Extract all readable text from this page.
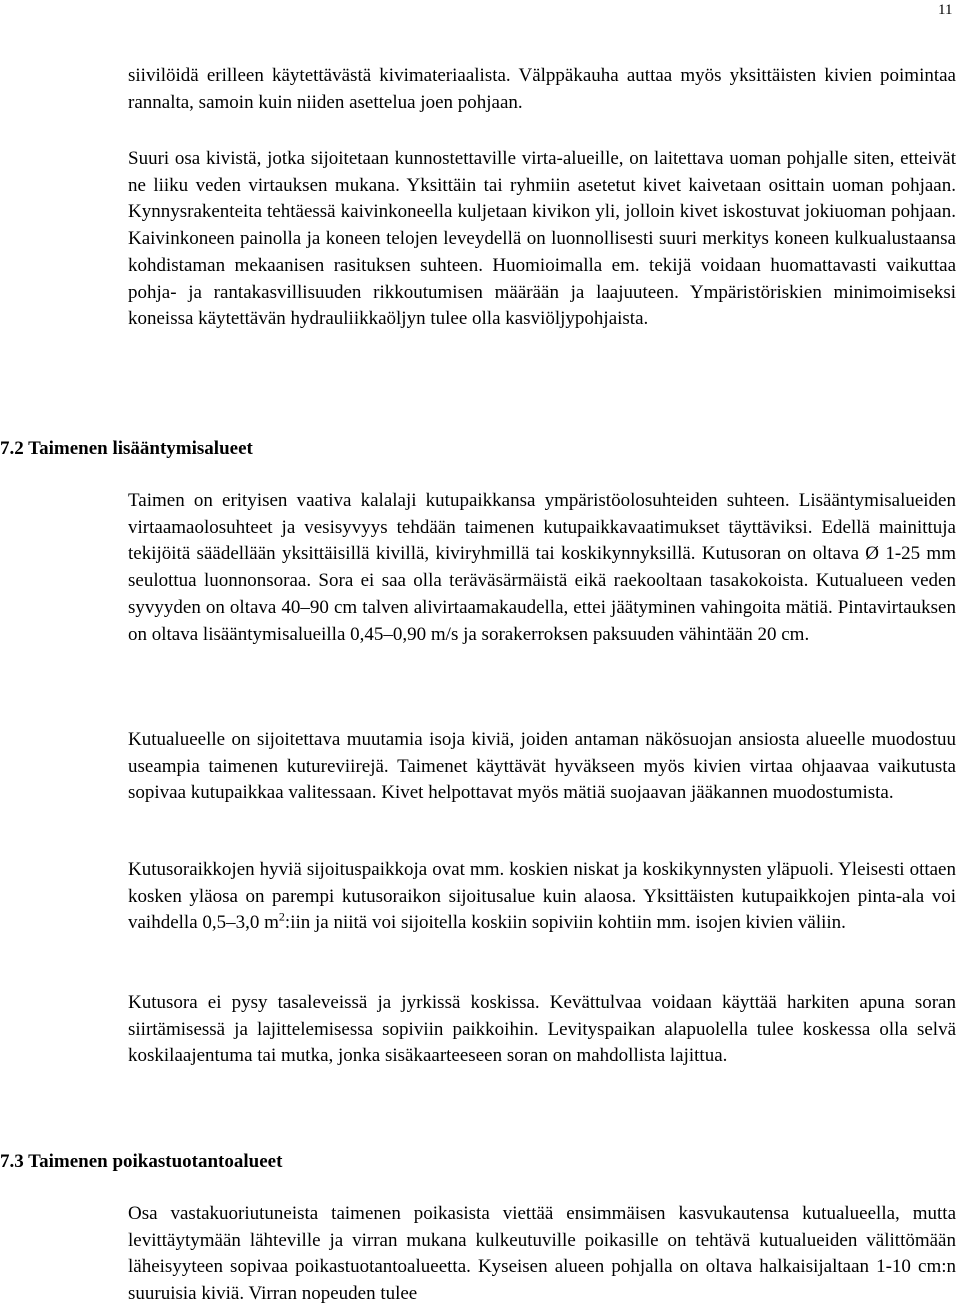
11

siivilöidä erilleen käytettävästä kivimateriaalista. Välppäkauha auttaa myös yksittäisten kivien poimintaa rannalta, samoin kuin niiden asettelua joen pohjaan.

Suuri osa kivistä, jotka sijoitetaan kunnostettaville virta-alueille, on laitettava uoman pohjalle siten, etteivät ne liiku veden virtauksen mukana. Yksittäin tai ryhmiin asetetut kivet kaivetaan osittain uoman pohjaan. Kynnysrakenteita tehtäessä kaivinkoneella kuljetaan kivikon yli, jolloin kivet iskostuvat jokiuoman pohjaan. Kaivinkoneen painolla ja koneen telojen leveydellä on luonnollisesti suuri merkitys koneen kulkualustaansa kohdistaman mekaanisen rasituksen suhteen. Huomioimalla em. tekijä voidaan huomattavasti vaikuttaa pohja- ja rantakasvillisuuden rikkoutumisen määrään ja laajuuteen. Ympäristöriskien minimoimiseksi koneissa käytettävän hydrauliikkaöljyn tulee olla kasviöljypohjaista.

7.2 Taimenen lisääntymisalueet

Taimen on erityisen vaativa kalalaji kutupaikkansa ympäristöolosuhteiden suhteen. Lisääntymisalueiden virtaamaolosuhteet ja vesisyvyys tehdään taimenen kutupaikkavaatimukset täyttäviksi. Edellä mainittuja tekijöitä säädellään yksittäisillä kivillä, kiviryhmillä tai koskikynnyksillä. Kutusoran on oltava Ø 1-25 mm seulottua luonnonsoraa. Sora ei saa olla teräväsärmäistä eikä raekooltaan tasakokoista. Kutualueen veden syvyyden on oltava 40–90 cm talven alivirtaamakaudella, ettei jäätyminen vahingoita mätiä. Pintavirtauksen on oltava lisääntymisalueilla 0,45–0,90 m/s ja sorakerroksen paksuuden vähintään 20 cm.

Kutualueelle on sijoitettava muutamia isoja kiviä, joiden antaman näkösuojan ansiosta alueelle muodostuu useampia taimenen kutureviirejä. Taimenet käyttävät hyväkseen myös kivien virtaa ohjaavaa vaikutusta sopivaa kutupaikkaa valitessaan. Kivet helpottavat myös mätiä suojaavan jääkannen muodostumista.

Kutusoraikkojen hyviä sijoituspaikkoja ovat mm. koskien niskat ja koskikynnysten yläpuoli. Yleisesti ottaen kosken yläosa on parempi kutusoraikon sijoitusalue kuin alaosa. Yksittäisten kutupaikkojen pinta-ala voi vaihdella 0,5–3,0 $m^2:iin$ ja niitä voi sijoitella koskiin sopiviin kohtiin mm. isojen kivien väliin.

Kutusora ei pysy tasaleveissä ja jyrkissä koskissa. Kevättulvaa voidaan käyttää harkiten apuna soran siirtämisessä ja lajittelemisessa sopiviin paikkoihin. Levityspaikan alapuolella tulee koskessa olla selvä koskilaajentuma tai mutka, jonka sisäkaarteeseen soran on mahdollista lajittua.

7.3 Taimenen poikastuotantoalueet

Osa vastakuoriutuneista taimenen poikasista viettää ensimmäisen kasvukautensa kutualueella, mutta levittäytymään lähteville ja virran mukana kulkeutuville poikasille on tehtävä kutualueiden välittömään läheisyyteen sopivaa poikastuotantoalueetta. Kyseisen alueen pohjalla on oltava halkaisijaltaan 1-10 cm:n suuruisia kiviä. Virran nopeuden tulee
